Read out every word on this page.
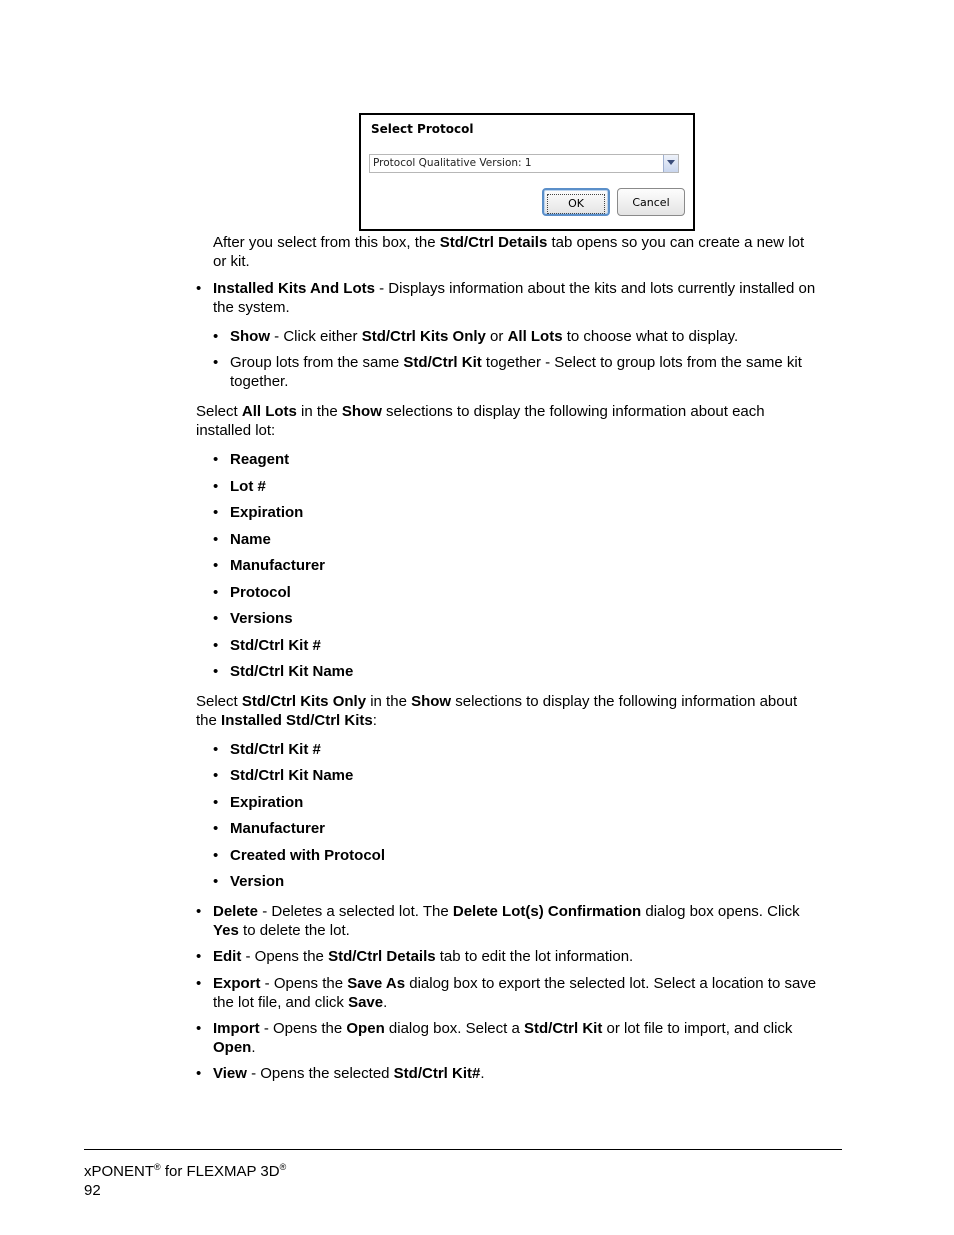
Select Protocol
Protocol Qualitative Version: 1
OK	Cancel
After you select from this box, the Std/Ctrl Details tab opens so you can create a new lot
or kit.
• Installed Kits And Lots - Displays information about the kits and lots currently installed on
the system.
• Show - Click either Std/Ctrl Kits Only or All Lots to choose what to display.
• Group lots from the same Std/Ctrl Kit together - Select to group lots from the same kit
together.
Select All Lots in the Show selections to display the following information about each
installed lot:
• Reagent
• Lot #
• Expiration
• Name
• Manufacturer
• Protocol
• Versions
• Std/Ctrl Kit #
• Std/Ctrl Kit Name
Select Std/Ctrl Kits Only in the Show selections to display the following information about
the Installed Std/Ctrl Kits:
• Std/Ctrl Kit #
• Std/Ctrl Kit Name
• Expiration
• Manufacturer
• Created with Protocol
• Version
• Delete - Deletes a selected lot. The Delete Lot(s) Confirmation dialog box opens. Click
Yes to delete the lot.
• Edit - Opens the Std/Ctrl Details tab to edit the lot information.
• Export - Opens the Save As dialog box to export the selected lot. Select a location to save
the lot file, and click Save.
• Import - Opens the Open dialog box. Select a Std/Ctrl Kit or lot file to import, and click
Open.
• View - Opens the selected Std/Ctrl Kit#.
xPONENT® for FLEXMAP 3D®
92
